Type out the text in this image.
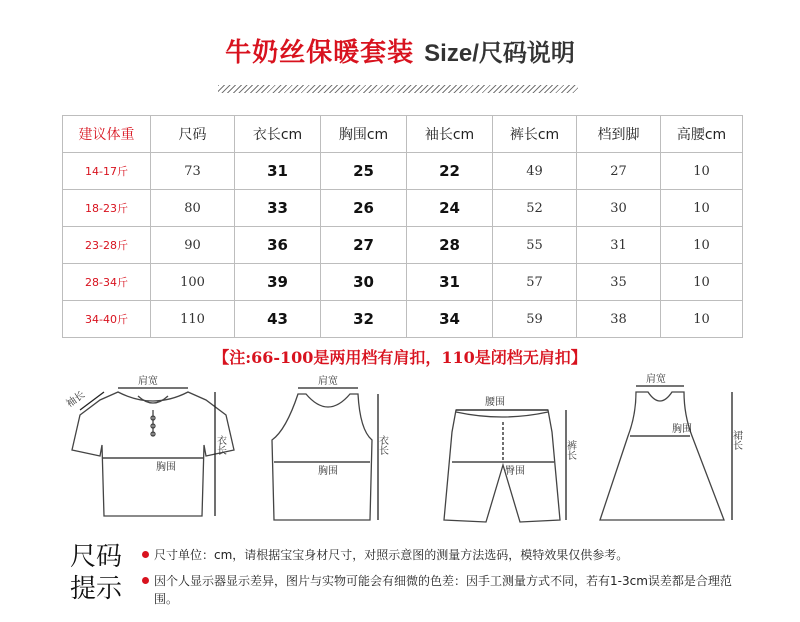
牛奶丝保暖套装 Size/尺码说明
建议体重	尺码	衣长cm	胸围cm	袖长cm	裤长cm	档到脚	高腰cm
14-17斤	73	31	25	22	49	27	10
18-23斤	80	33	26	24	52	30	10
23-28斤	90	36	27	28	55	31	10
28-34斤	100	39	30	31	57	35	10
34-40斤	110	43	32	34	59	38	10
【注:66-100是两用档有肩扣，110是闭档无肩扣】
肩宽
袖长
胸围
衣长
肩宽
胸围
衣长
腰围
臀围
裤长
肩宽
胸围
裙长
尺码
提示
尺寸单位：cm，请根据宝宝身材尺寸，对照示意图的测量方法选码，模特效果仅供参考。
因个人显示器显示差异，图片与实物可能会有细微的色差：因手工测量方式不同，若有1-3cm误差都是合理范围。
